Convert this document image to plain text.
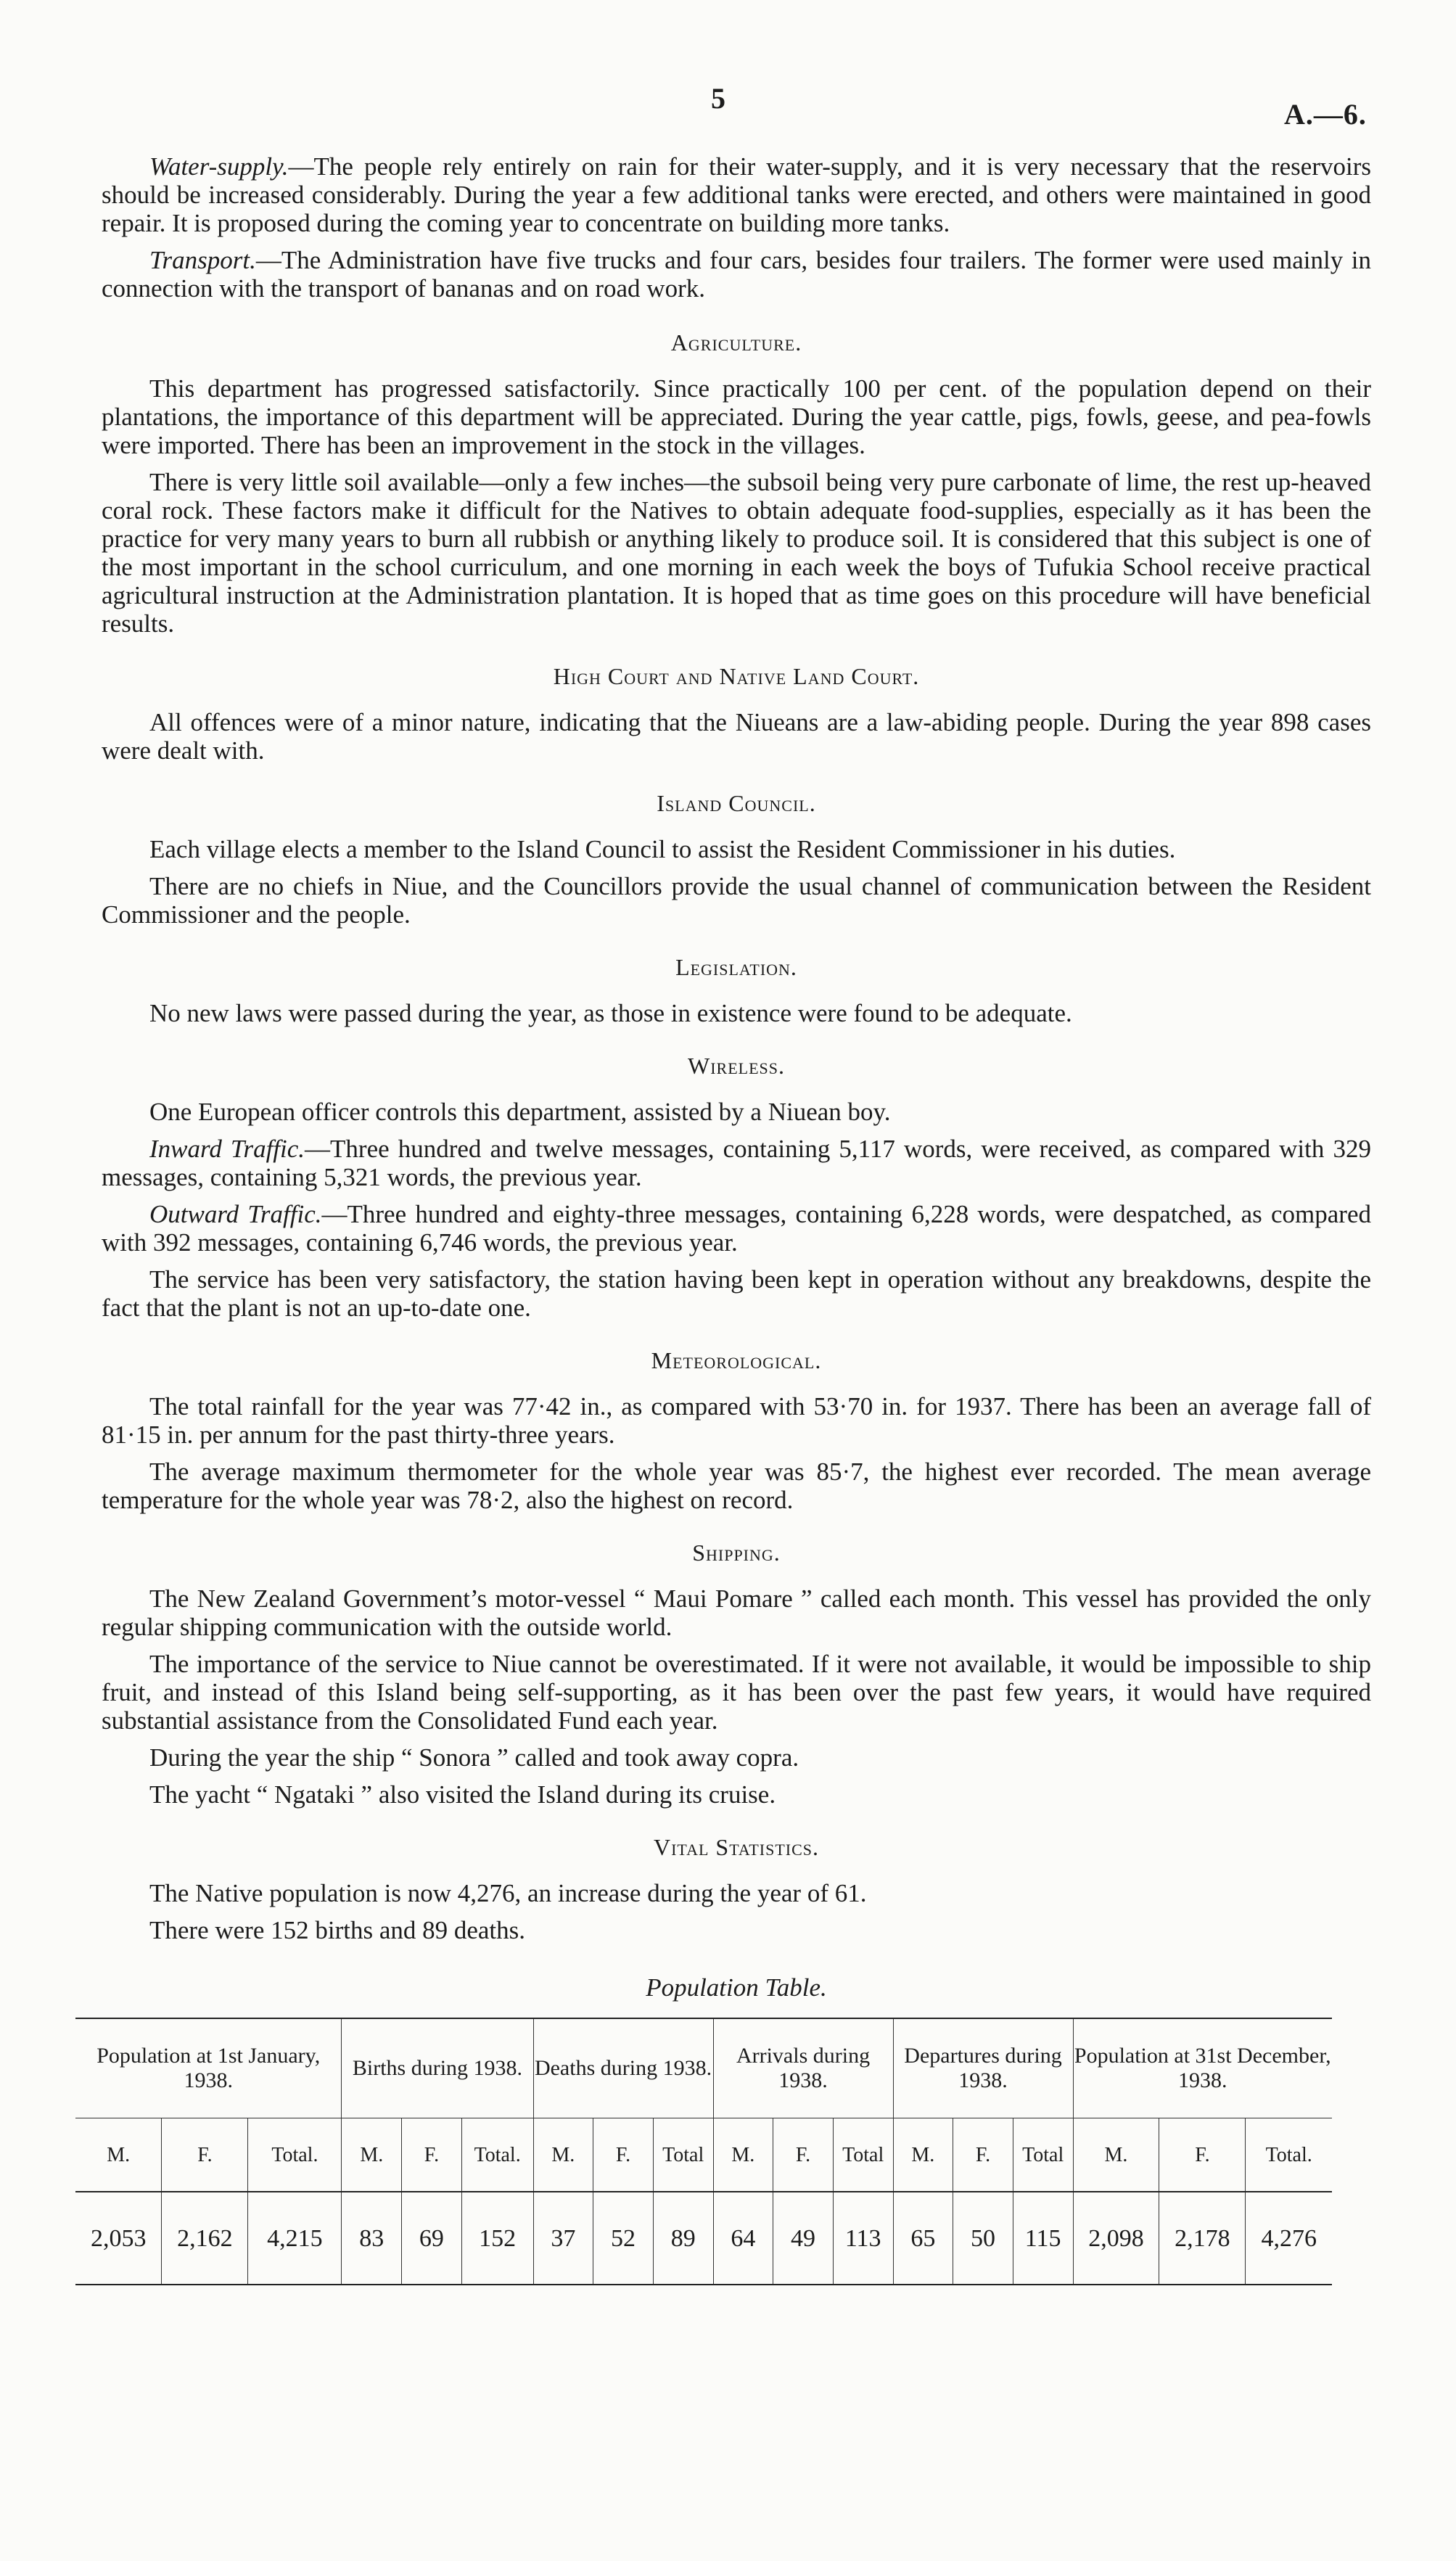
5	A.—6.

Water-supply.—The people rely entirely on rain for their water-supply, and it is very necessary that the reservoirs should be increased considerably. During the year a few additional tanks were erected, and others were maintained in good repair. It is proposed during the coming year to concentrate on building more tanks.

Transport.—The Administration have five trucks and four cars, besides four trailers. The former were used mainly in connection with the transport of bananas and on road work.

Agriculture.

This department has progressed satisfactorily. Since practically 100 per cent. of the population depend on their plantations, the importance of this department will be appreciated. During the year cattle, pigs, fowls, geese, and pea-fowls were imported. There has been an improvement in the stock in the villages.

There is very little soil available—only a few inches—the subsoil being very pure carbonate of lime, the rest up-heaved coral rock. These factors make it difficult for the Natives to obtain adequate food-supplies, especially as it has been the practice for very many years to burn all rubbish or anything likely to produce soil. It is considered that this subject is one of the most important in the school curriculum, and one morning in each week the boys of Tufukia School receive practical agricultural instruction at the Administration plantation. It is hoped that as time goes on this procedure will have beneficial results.

High Court and Native Land Court.

All offences were of a minor nature, indicating that the Niueans are a law-abiding people. During the year 898 cases were dealt with.

Island Council.

Each village elects a member to the Island Council to assist the Resident Commissioner in his duties.

There are no chiefs in Niue, and the Councillors provide the usual channel of communication between the Resident Commissioner and the people.

Legislation.

No new laws were passed during the year, as those in existence were found to be adequate.

Wireless.

One European officer controls this department, assisted by a Niuean boy.

Inward Traffic.—Three hundred and twelve messages, containing 5,117 words, were received, as compared with 329 messages, containing 5,321 words, the previous year.

Outward Traffic.—Three hundred and eighty-three messages, containing 6,228 words, were despatched, as compared with 392 messages, containing 6,746 words, the previous year.

The service has been very satisfactory, the station having been kept in operation without any breakdowns, despite the fact that the plant is not an up-to-date one.

Meteorological.

The total rainfall for the year was 77·42 in., as compared with 53·70 in. for 1937. There has been an average fall of 81·15 in. per annum for the past thirty-three years.

The average maximum thermometer for the whole year was 85·7, the highest ever recorded. The mean average temperature for the whole year was 78·2, also the highest on record.

Shipping.

The New Zealand Government’s motor-vessel “ Maui Pomare ” called each month. This vessel has provided the only regular shipping communication with the outside world.

The importance of the service to Niue cannot be overestimated. If it were not available, it would be impossible to ship fruit, and instead of this Island being self-supporting, as it has been over the past few years, it would have required substantial assistance from the Consolidated Fund each year.

During the year the ship “ Sonora ” called and took away copra.

The yacht “ Ngataki ” also visited the Island during its cruise.

Vital Statistics.

The Native population is now 4,276, an increase during the year of 61.

There were 152 births and 89 deaths.

Population Table.

Population at 1st January, 1938.			Births during 1938.			Deaths during 1938.			Arrivals during 1938.			Departures during 1938.			Population at 31st December, 1938.		
M.	F.	Total.	M.	F.	Total.	M.	F.	Total	M.	F.	Total	M.	F.	Total	M.	F.	Total.
2,053	2,162	4,215	83	69	152	37	52	89	64	49	113	65	50	115	2,098	2,178	4,276
